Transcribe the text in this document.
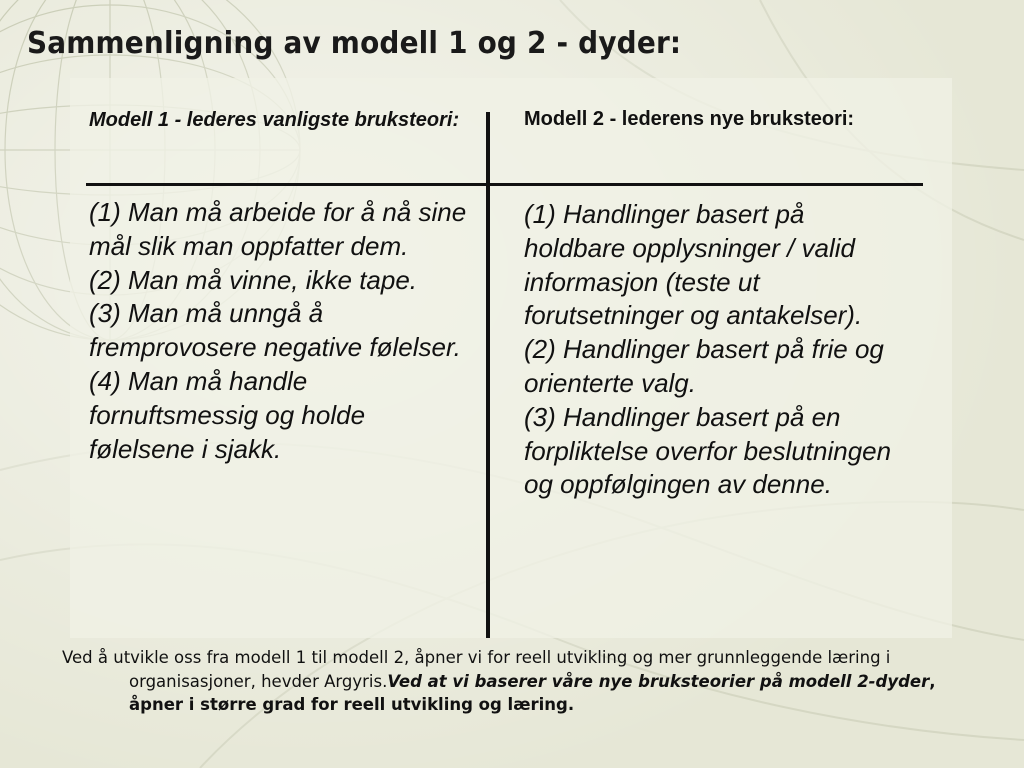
Sammenligning av modell 1 og 2 - dyder:
Modell 1 - lederes vanligste bruksteori:	Modell 2 - lederens nye bruksteori:

(1) Man må arbeide for å nå sine mål slik man oppfatter dem.

(2) Man må vinne, ikke tape.

(3) Man må unngå å fremprovosere negative følelser.

(4) Man må handle fornuftsmessig og holde følelsene i sjakk.

(1) Handlinger basert på holdbare opplysninger / valid informasjon (teste ut forutsetninger og antakelser).

(2) Handlinger basert på frie og orienterte valg.

(3) Handlinger basert på en forpliktelse overfor beslutningen og oppfølgingen av denne.

Ved å utvikle oss fra modell 1 til modell 2, åpner vi for reell utvikling og mer grunnleggende læring i organisasjoner, hevder Argyris.Ved at vi baserer våre nye bruksteorier på modell 2-dyder, åpner i større grad for reell utvikling og læring.
